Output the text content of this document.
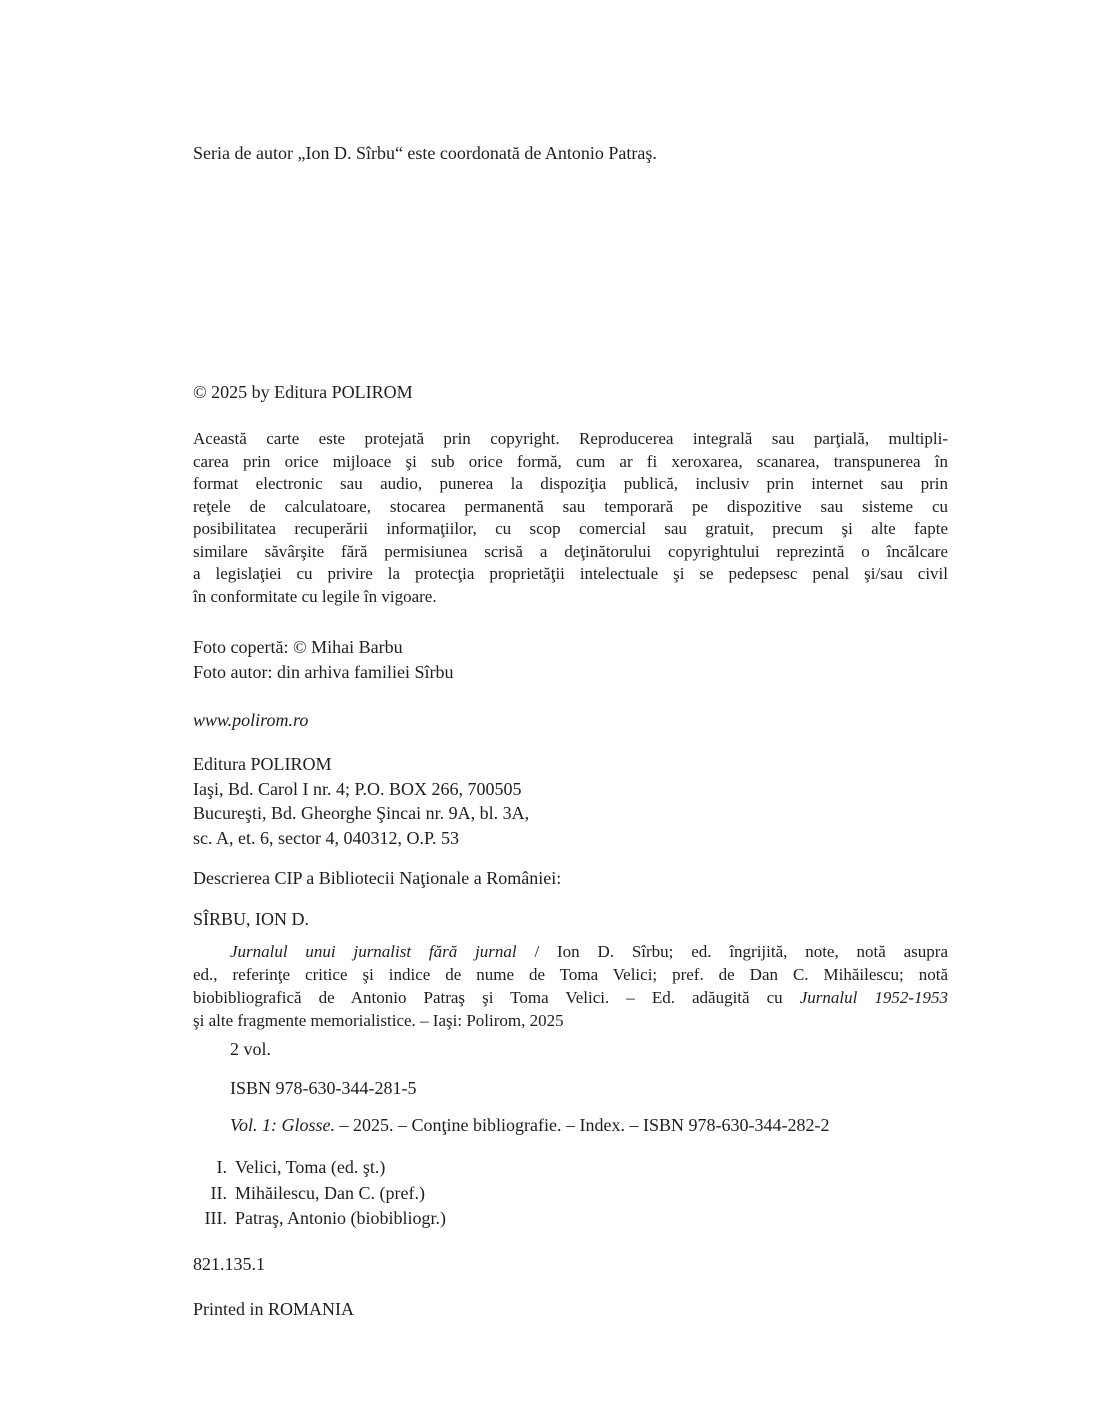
Seria de autor „Ion D. Sîrbu“ este coordonată de Antonio Patraş.
© 2025 by Editura POLIROM
Această carte este protejată prin copyright. Reproducerea integrală sau parţială, multipli-
carea prin orice mijloace şi sub orice formă, cum ar fi xeroxarea, scanarea, transpunerea în
format electronic sau audio, punerea la dispoziţia publică, inclusiv prin internet sau prin
reţele de calculatoare, stocarea permanentă sau temporară pe dispozitive sau sisteme cu
posibilitatea recuperării informaţiilor, cu scop comercial sau gratuit, precum şi alte fapte
similare săvârşite fără permisiunea scrisă a deţinătorului copyrightului reprezintă o încălcare
a legislaţiei cu privire la protecţia proprietăţii intelectuale şi se pedepsesc penal şi/sau civil
în conformitate cu legile în vigoare.
Foto copertă: © Mihai Barbu
Foto autor: din arhiva familiei Sîrbu
www.polirom.ro
Editura POLIROM
Iaşi, Bd. Carol I nr. 4; P.O. BOX 266, 700505
Bucureşti, Bd. Gheorghe Şincai nr. 9A, bl. 3A,
sc. A, et. 6, sector 4, 040312, O.P. 53
Descrierea CIP a Bibliotecii Naţionale a României:
SÎRBU, ION D.
Jurnalul unui jurnalist fără jurnal / Ion D. Sîrbu; ed. îngrijită, note, notă asupra
ed., referinţe critice şi indice de nume de Toma Velici; pref. de Dan C. Mihăilescu; notă
biobibliografică de Antonio Patraş şi Toma Velici. – Ed. adăugită cu Jurnalul 1952-1953
şi alte fragmente memorialistice. – Iaşi: Polirom, 2025
2 vol.
ISBN 978-630-344-281-5
Vol. 1: Glosse. – 2025. – Conţine bibliografie. – Index. – ISBN 978-630-344-282-2
I. Velici, Toma (ed. şt.)
II. Mihăilescu, Dan C. (pref.)
III. Patraş, Antonio (biobibliogr.)
821.135.1
Printed in ROMANIA
